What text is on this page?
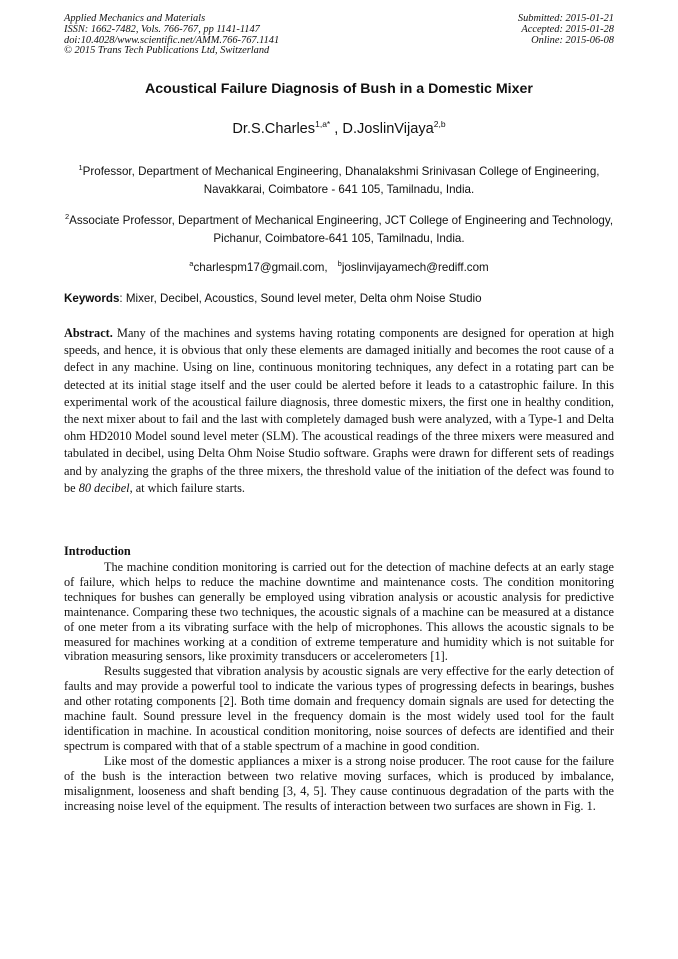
Applied Mechanics and Materials
ISSN: 1662-7482, Vols. 766-767, pp 1141-1147
doi:10.4028/www.scientific.net/AMM.766-767.1141
© 2015 Trans Tech Publications Ltd, Switzerland
Submitted: 2015-01-21
Accepted: 2015-01-28
Online: 2015-06-08
Acoustical Failure Diagnosis of Bush in a Domestic Mixer
Dr.S.Charles$^{1,a*}$ , D.JoslinVijaya$^{2,b}$
$^1$Professor, Department of Mechanical Engineering, Dhanalakshmi Srinivasan College of Engineering, Navakkarai, Coimbatore - 641 105, Tamilnadu, India.
$^2$Associate Professor, Department of Mechanical Engineering, JCT College of Engineering and Technology, Pichanur, Coimbatore-641 105, Tamilnadu, India.
$^a$charlespm17@gmail.com, $^b$joslinvijayamech@rediff.com
Keywords: Mixer, Decibel, Acoustics, Sound level meter, Delta ohm Noise Studio

Abstract. Many of the machines and systems having rotating components are designed for operation at high speeds, and hence, it is obvious that only these elements are damaged initially and becomes the root cause of a defect in any machine. Using on line, continuous monitoring techniques, any defect in a rotating part can be detected at its initial stage itself and the user could be alerted before it leads to a catastrophic failure. In this experimental work of the acoustical failure diagnosis, three domestic mixers, the first one in healthy condition, the next mixer about to fail and the last with completely damaged bush were analyzed, with a Type-1 and Delta ohm HD2010 Model sound level meter (SLM). The acoustical readings of the three mixers were measured and tabulated in decibel, using Delta Ohm Noise Studio software. Graphs were drawn for different sets of readings and by analyzing the graphs of the three mixers, the threshold value of the initiation of the defect was found to be 80 decibel, at which failure starts.

Introduction

The machine condition monitoring is carried out for the detection of machine defects at an early stage of failure, which helps to reduce the machine downtime and maintenance costs. The condition monitoring techniques for bushes can generally be employed using vibration analysis or acoustic analysis for predictive maintenance. Comparing these two techniques, the acoustic signals of a machine can be measured at a distance of one meter from a its vibrating surface with the help of microphones. This allows the acoustic signals to be measured for machines working at a condition of extreme temperature and humidity which is not suitable for vibration measuring sensors, like proximity transducers or accelerometers [1].

Results suggested that vibration analysis by acoustic signals are very effective for the early detection of faults and may provide a powerful tool to indicate the various types of progressing defects in bearings, bushes and other rotating components [2]. Both time domain and frequency domain signals are used for detecting the machine fault. Sound pressure level in the frequency domain is the most widely used tool for the fault identification in machine. In acoustical condition monitoring, noise sources of defects are identified and their spectrum is compared with that of a stable spectrum of a machine in good condition.

Like most of the domestic appliances a mixer is a strong noise producer. The root cause for the failure of the bush is the interaction between two relative moving surfaces, which is produced by imbalance, misalignment, looseness and shaft bending [3, 4, 5]. They cause continuous degradation of the parts with the increasing noise level of the equipment. The results of interaction between two surfaces are shown in Fig. 1.
